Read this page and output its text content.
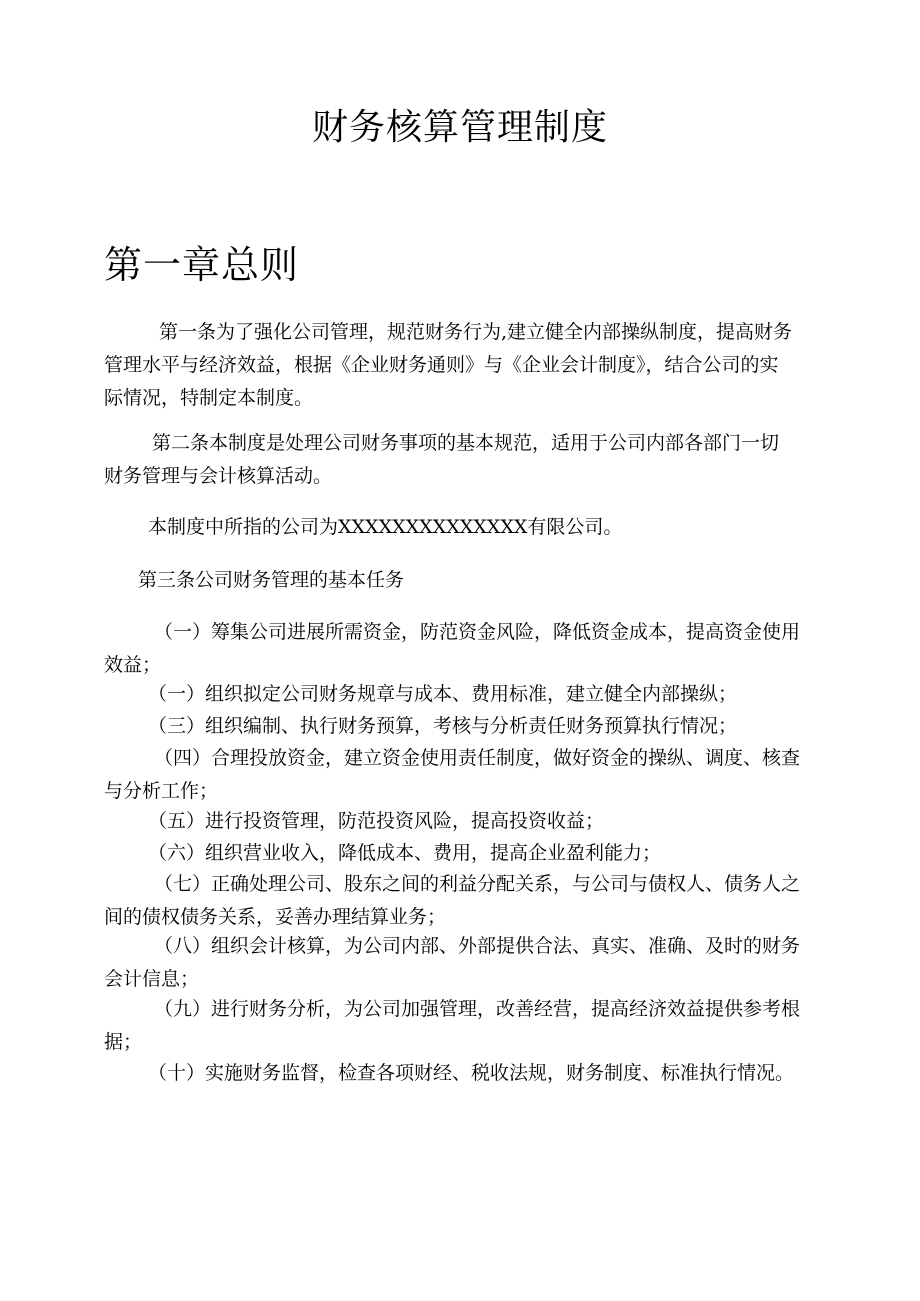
财务核算管理制度
第一章总则
第一条为了强化公司管理，规范财务行为,建立健全内部操纵制度，提高财务
管理水平与经济效益，根据《企业财务通则》与《企业会计制度》，结合公司的实
际情况，特制定本制度。
第二条本制度是处理公司财务事项的基本规范，适用于公司内部各部门一切
财务管理与会计核算活动。
本制度中所指的公司为XXXXXXXXXXXXXX有限公司。
第三条公司财务管理的基本任务
（一）筹集公司进展所需资金，防范资金风险，降低资金成本，提高资金使用
效益；
（一）组织拟定公司财务规章与成本、费用标准，建立健全内部操纵；
（三）组织编制、执行财务预算，考核与分析责任财务预算执行情况；
（四）合理投放资金，建立资金使用责任制度，做好资金的操纵、调度、核查
与分析工作；
（五）进行投资管理，防范投资风险，提高投资收益；
（六）组织营业收入，降低成本、费用，提高企业盈利能力；
（七）正确处理公司、股东之间的利益分配关系，与公司与债权人、债务人之
间的债权债务关系，妥善办理结算业务；
（八）组织会计核算，为公司内部、外部提供合法、真实、准确、及时的财务
会计信息；
（九）进行财务分析，为公司加强管理，改善经营，提高经济效益提供参考根
据；
（十）实施财务监督，检查各项财经、税收法规，财务制度、标准执行情况。
